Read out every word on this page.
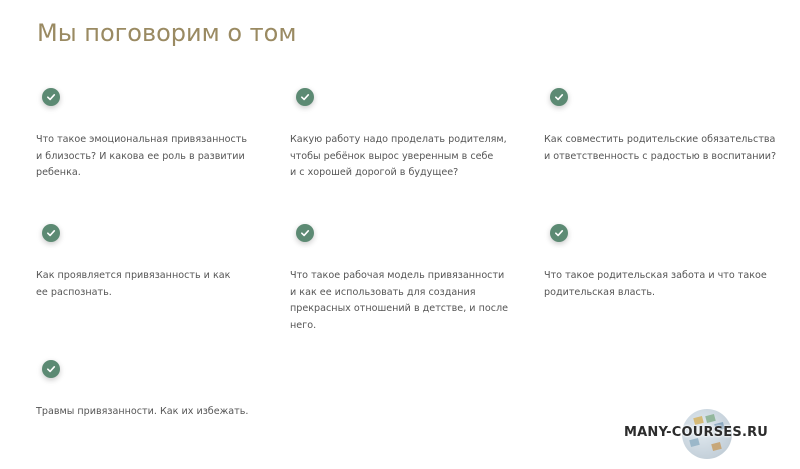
Мы поговорим о том

Что такое эмоциональная привязанность
и близость? И какова ее роль в развитии
ребенка.

Какую работу надо проделать родителям,
чтобы ребёнок вырос уверенным в себе
и с хорошей дорогой в будущее?

Как совместить родительские обязательства
и ответственность с радостью в воспитании?

Как проявляется привязанность и как
ее распознать.

Что такое рабочая модель привязанности
и как ее использовать для создания
прекрасных отношений в детстве, и после него.

Что такое родительская забота и что такое
родительская власть.

Травмы привязанности. Как их избежать.

MANY-COURSES.RU
